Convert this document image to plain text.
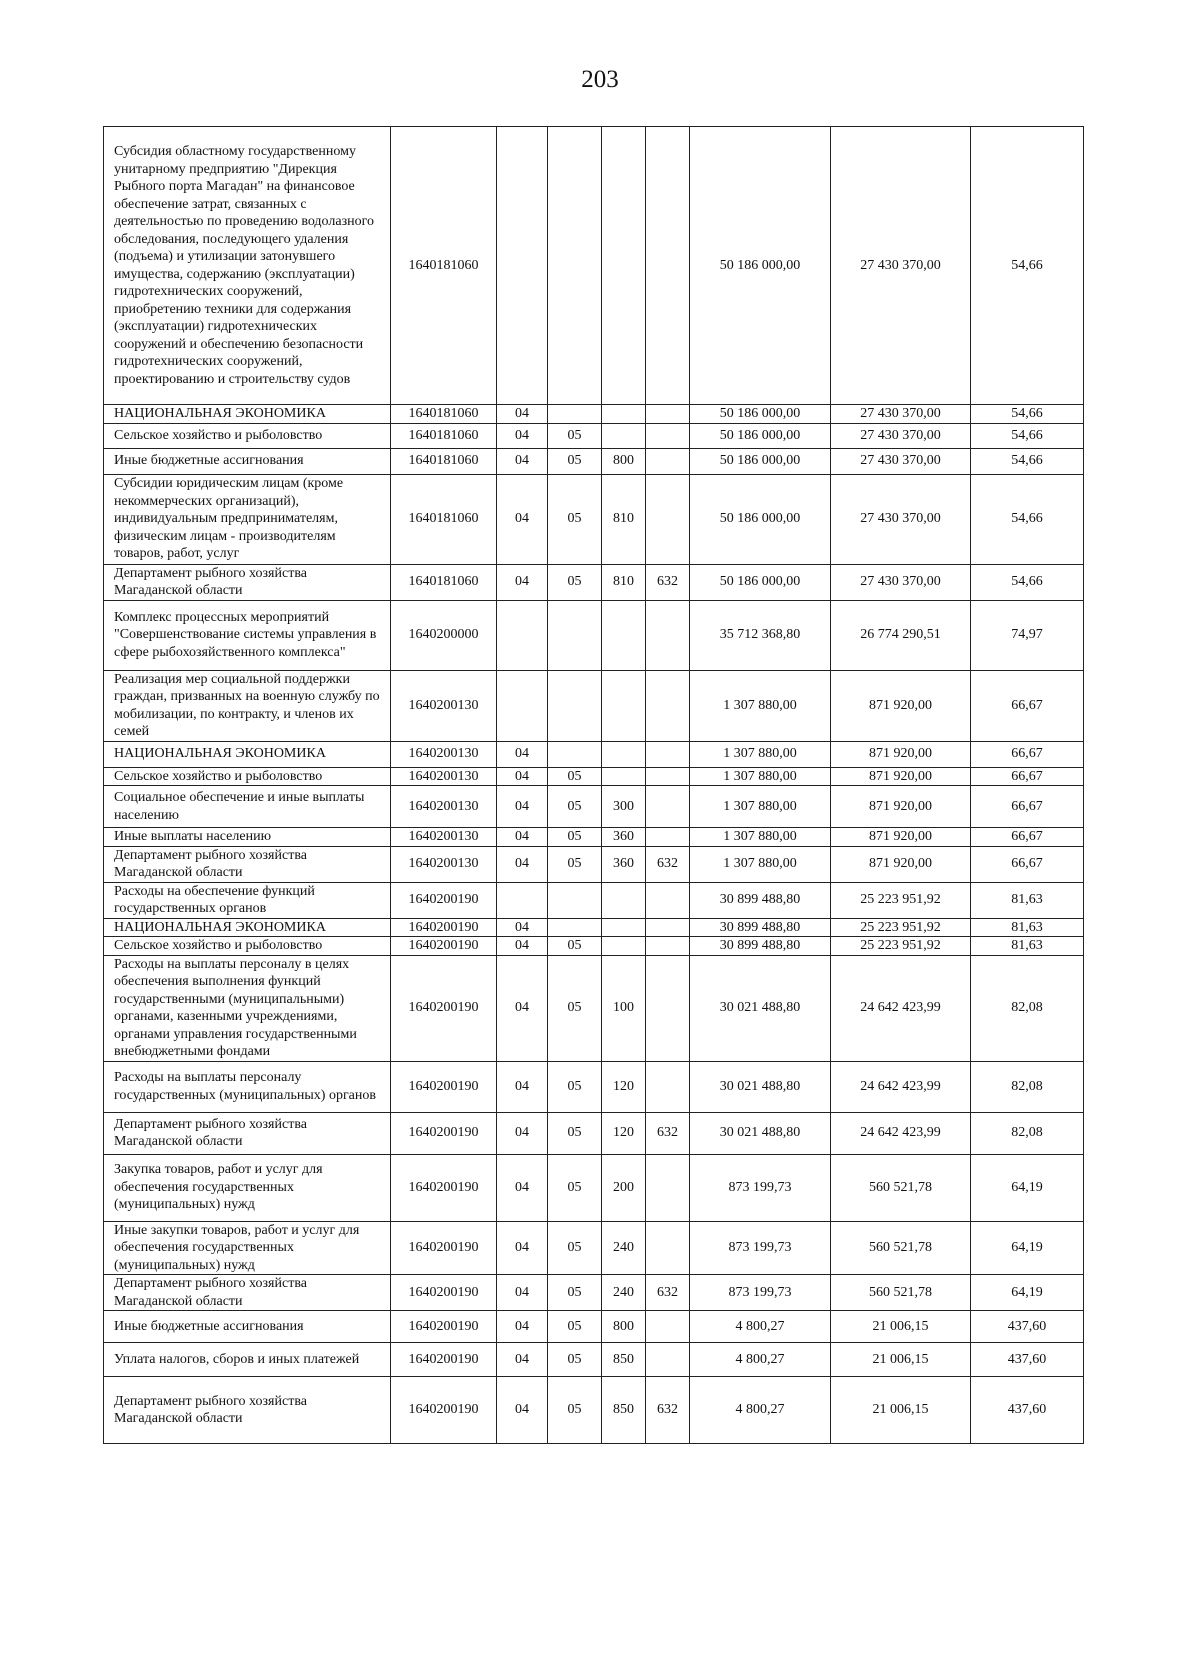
203
Субсидия областному государственному унитарному предприятию "Дирекция Рыбного порта Магадан" на финансовое обеспечение затрат, связанных с деятельностью по проведению водолазного обследования, последующего удаления (подъема) и утилизации затонувшего имущества, содержанию (эксплуатации) гидротехнических сооружений, приобретению техники для содержания (эксплуатации) гидротехнических сооружений и обеспечению безопасности гидротехнических сооружений, проектированию и строительству судов	1640181060					50 186 000,00	27 430 370,00	54,66
НАЦИОНАЛЬНАЯ ЭКОНОМИКА	1640181060	04				50 186 000,00	27 430 370,00	54,66
Сельское хозяйство и рыболовство	1640181060	04	05			50 186 000,00	27 430 370,00	54,66
Иные бюджетные ассигнования	1640181060	04	05	800		50 186 000,00	27 430 370,00	54,66
Субсидии юридическим лицам (кроме некоммерческих организаций), индивидуальным предпринимателям, физическим лицам - производителям товаров, работ, услуг	1640181060	04	05	810		50 186 000,00	27 430 370,00	54,66
Департамент рыбного хозяйства Магаданской области	1640181060	04	05	810	632	50 186 000,00	27 430 370,00	54,66
Комплекс процессных мероприятий "Совершенствование системы управления в сфере рыбохозяйственного комплекса"	1640200000					35 712 368,80	26 774 290,51	74,97
Реализация мер социальной поддержки граждан, призванных на военную службу по мобилизации, по контракту, и членов их семей	1640200130					1 307 880,00	871 920,00	66,67
НАЦИОНАЛЬНАЯ ЭКОНОМИКА	1640200130	04				1 307 880,00	871 920,00	66,67
Сельское хозяйство и рыболовство	1640200130	04	05			1 307 880,00	871 920,00	66,67
Социальное обеспечение и иные выплаты населению	1640200130	04	05	300		1 307 880,00	871 920,00	66,67
Иные выплаты населению	1640200130	04	05	360		1 307 880,00	871 920,00	66,67
Департамент рыбного хозяйства Магаданской области	1640200130	04	05	360	632	1 307 880,00	871 920,00	66,67
Расходы на обеспечение функций государственных органов	1640200190					30 899 488,80	25 223 951,92	81,63
НАЦИОНАЛЬНАЯ ЭКОНОМИКА	1640200190	04				30 899 488,80	25 223 951,92	81,63
Сельское хозяйство и рыболовство	1640200190	04	05			30 899 488,80	25 223 951,92	81,63
Расходы на выплаты персоналу в целях обеспечения выполнения функций государственными (муниципальными) органами, казенными учреждениями, органами управления государственными внебюджетными фондами	1640200190	04	05	100		30 021 488,80	24 642 423,99	82,08
Расходы на выплаты персоналу государственных (муниципальных) органов	1640200190	04	05	120		30 021 488,80	24 642 423,99	82,08
Департамент рыбного хозяйства Магаданской области	1640200190	04	05	120	632	30 021 488,80	24 642 423,99	82,08
Закупка товаров, работ и услуг для обеспечения государственных (муниципальных) нужд	1640200190	04	05	200		873 199,73	560 521,78	64,19
Иные закупки товаров, работ и услуг для обеспечения государственных (муниципальных) нужд	1640200190	04	05	240		873 199,73	560 521,78	64,19
Департамент рыбного хозяйства Магаданской области	1640200190	04	05	240	632	873 199,73	560 521,78	64,19
Иные бюджетные ассигнования	1640200190	04	05	800		4 800,27	21 006,15	437,60
Уплата налогов, сборов и иных платежей	1640200190	04	05	850		4 800,27	21 006,15	437,60
Департамент рыбного хозяйства Магаданской области	1640200190	04	05	850	632	4 800,27	21 006,15	437,60
